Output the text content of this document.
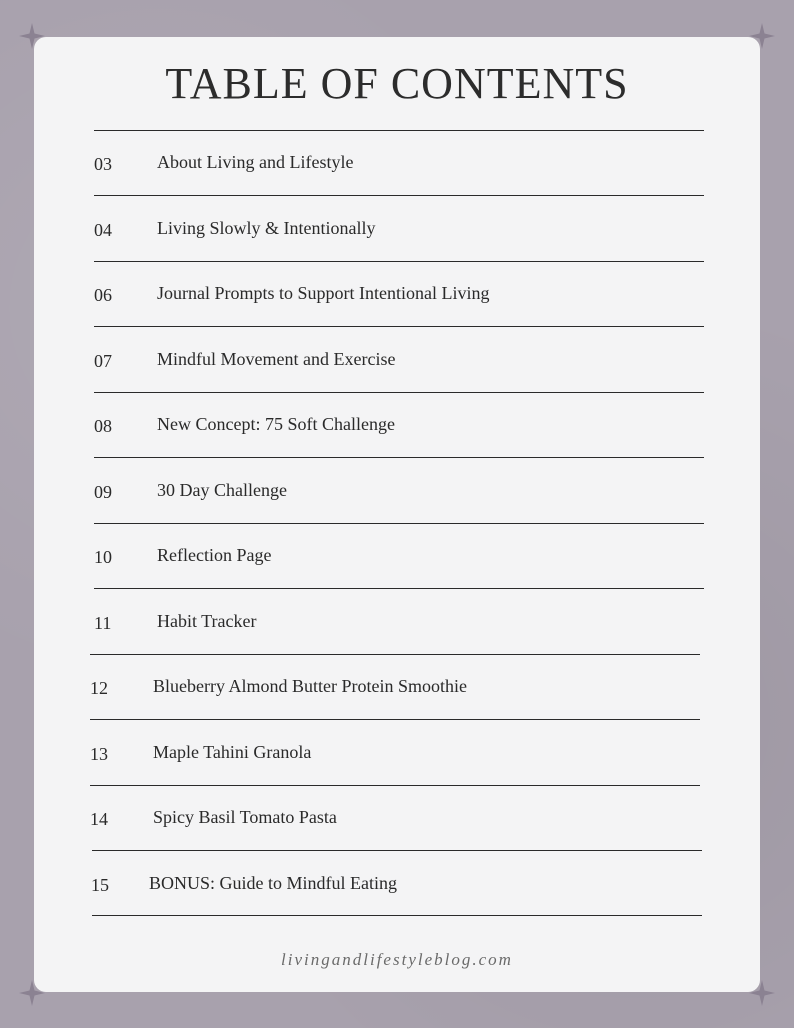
TABLE OF CONTENTS
03	About Living and Lifestyle
04	Living Slowly & Intentionally
06	Journal Prompts to Support Intentional Living
07	Mindful Movement and Exercise
08	New Concept: 75 Soft Challenge
09	30 Day Challenge
10	Reflection Page
11	Habit Tracker
12	Blueberry Almond Butter Protein Smoothie
13	Maple Tahini Granola
14	Spicy Basil Tomato Pasta
15 BONUS: Guide to Mindful Eating
livingandlifestyleblog.com
